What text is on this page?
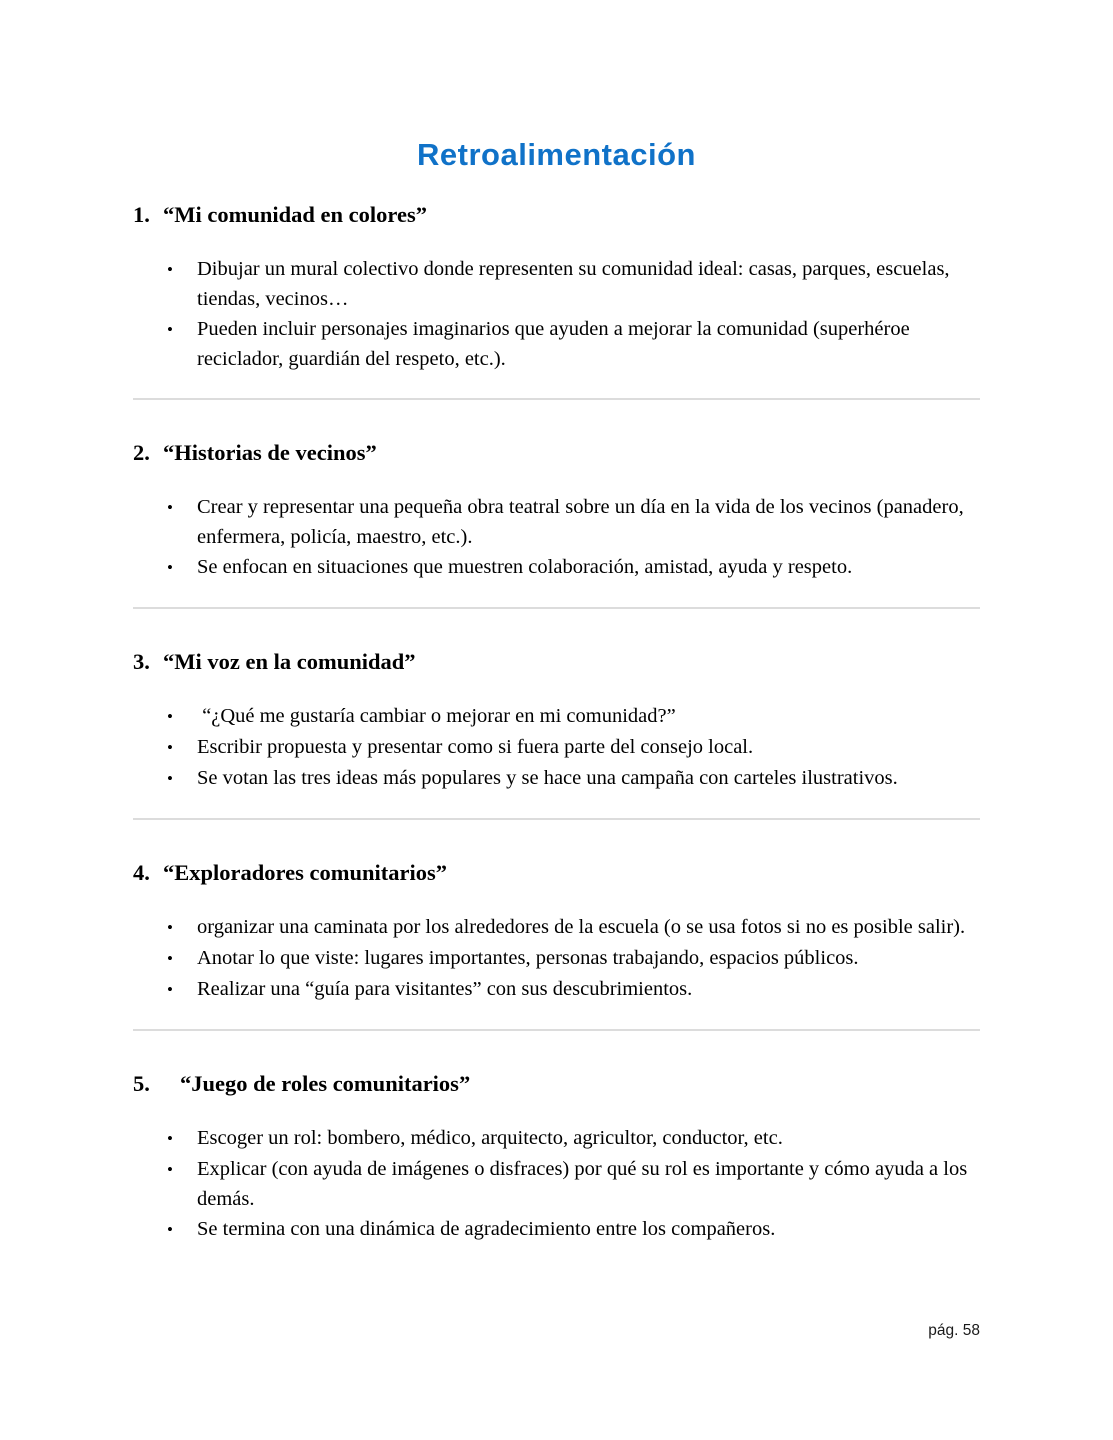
Retroalimentación
1. “Mi comunidad en colores”
•	Dibujar un mural colectivo donde representen su comunidad ideal: casas, parques, escuelas, tiendas, vecinos…
•	Pueden incluir personajes imaginarios que ayuden a mejorar la comunidad (superhéroe reciclador, guardián del respeto, etc.).
2. “Historias de vecinos”
•	Crear y representar una pequeña obra teatral sobre un día en la vida de los vecinos (panadero, enfermera, policía, maestro, etc.).
•	Se enfocan en situaciones que muestren colaboración, amistad, ayuda y respeto.
3. “Mi voz en la comunidad”
•	“¿Qué me gustaría cambiar o mejorar en mi comunidad?”
•	Escribir propuesta y presentar como si fuera parte del consejo local.
•	Se votan las tres ideas más populares y se hace una campaña con carteles ilustrativos.
4. “Exploradores comunitarios”
•	organizar una caminata por los alrededores de la escuela (o se usa fotos si no es posible salir).
•	Anotar lo que viste: lugares importantes, personas trabajando, espacios públicos.
•	Realizar una “guía para visitantes” con sus descubrimientos.
5.	“Juego de roles comunitarios”
•	Escoger un rol: bombero, médico, arquitecto, agricultor, conductor, etc.
•	Explicar (con ayuda de imágenes o disfraces) por qué su rol es importante y cómo ayuda a los demás.
•	Se termina con una dinámica de agradecimiento entre los compañeros.
pág. 58
